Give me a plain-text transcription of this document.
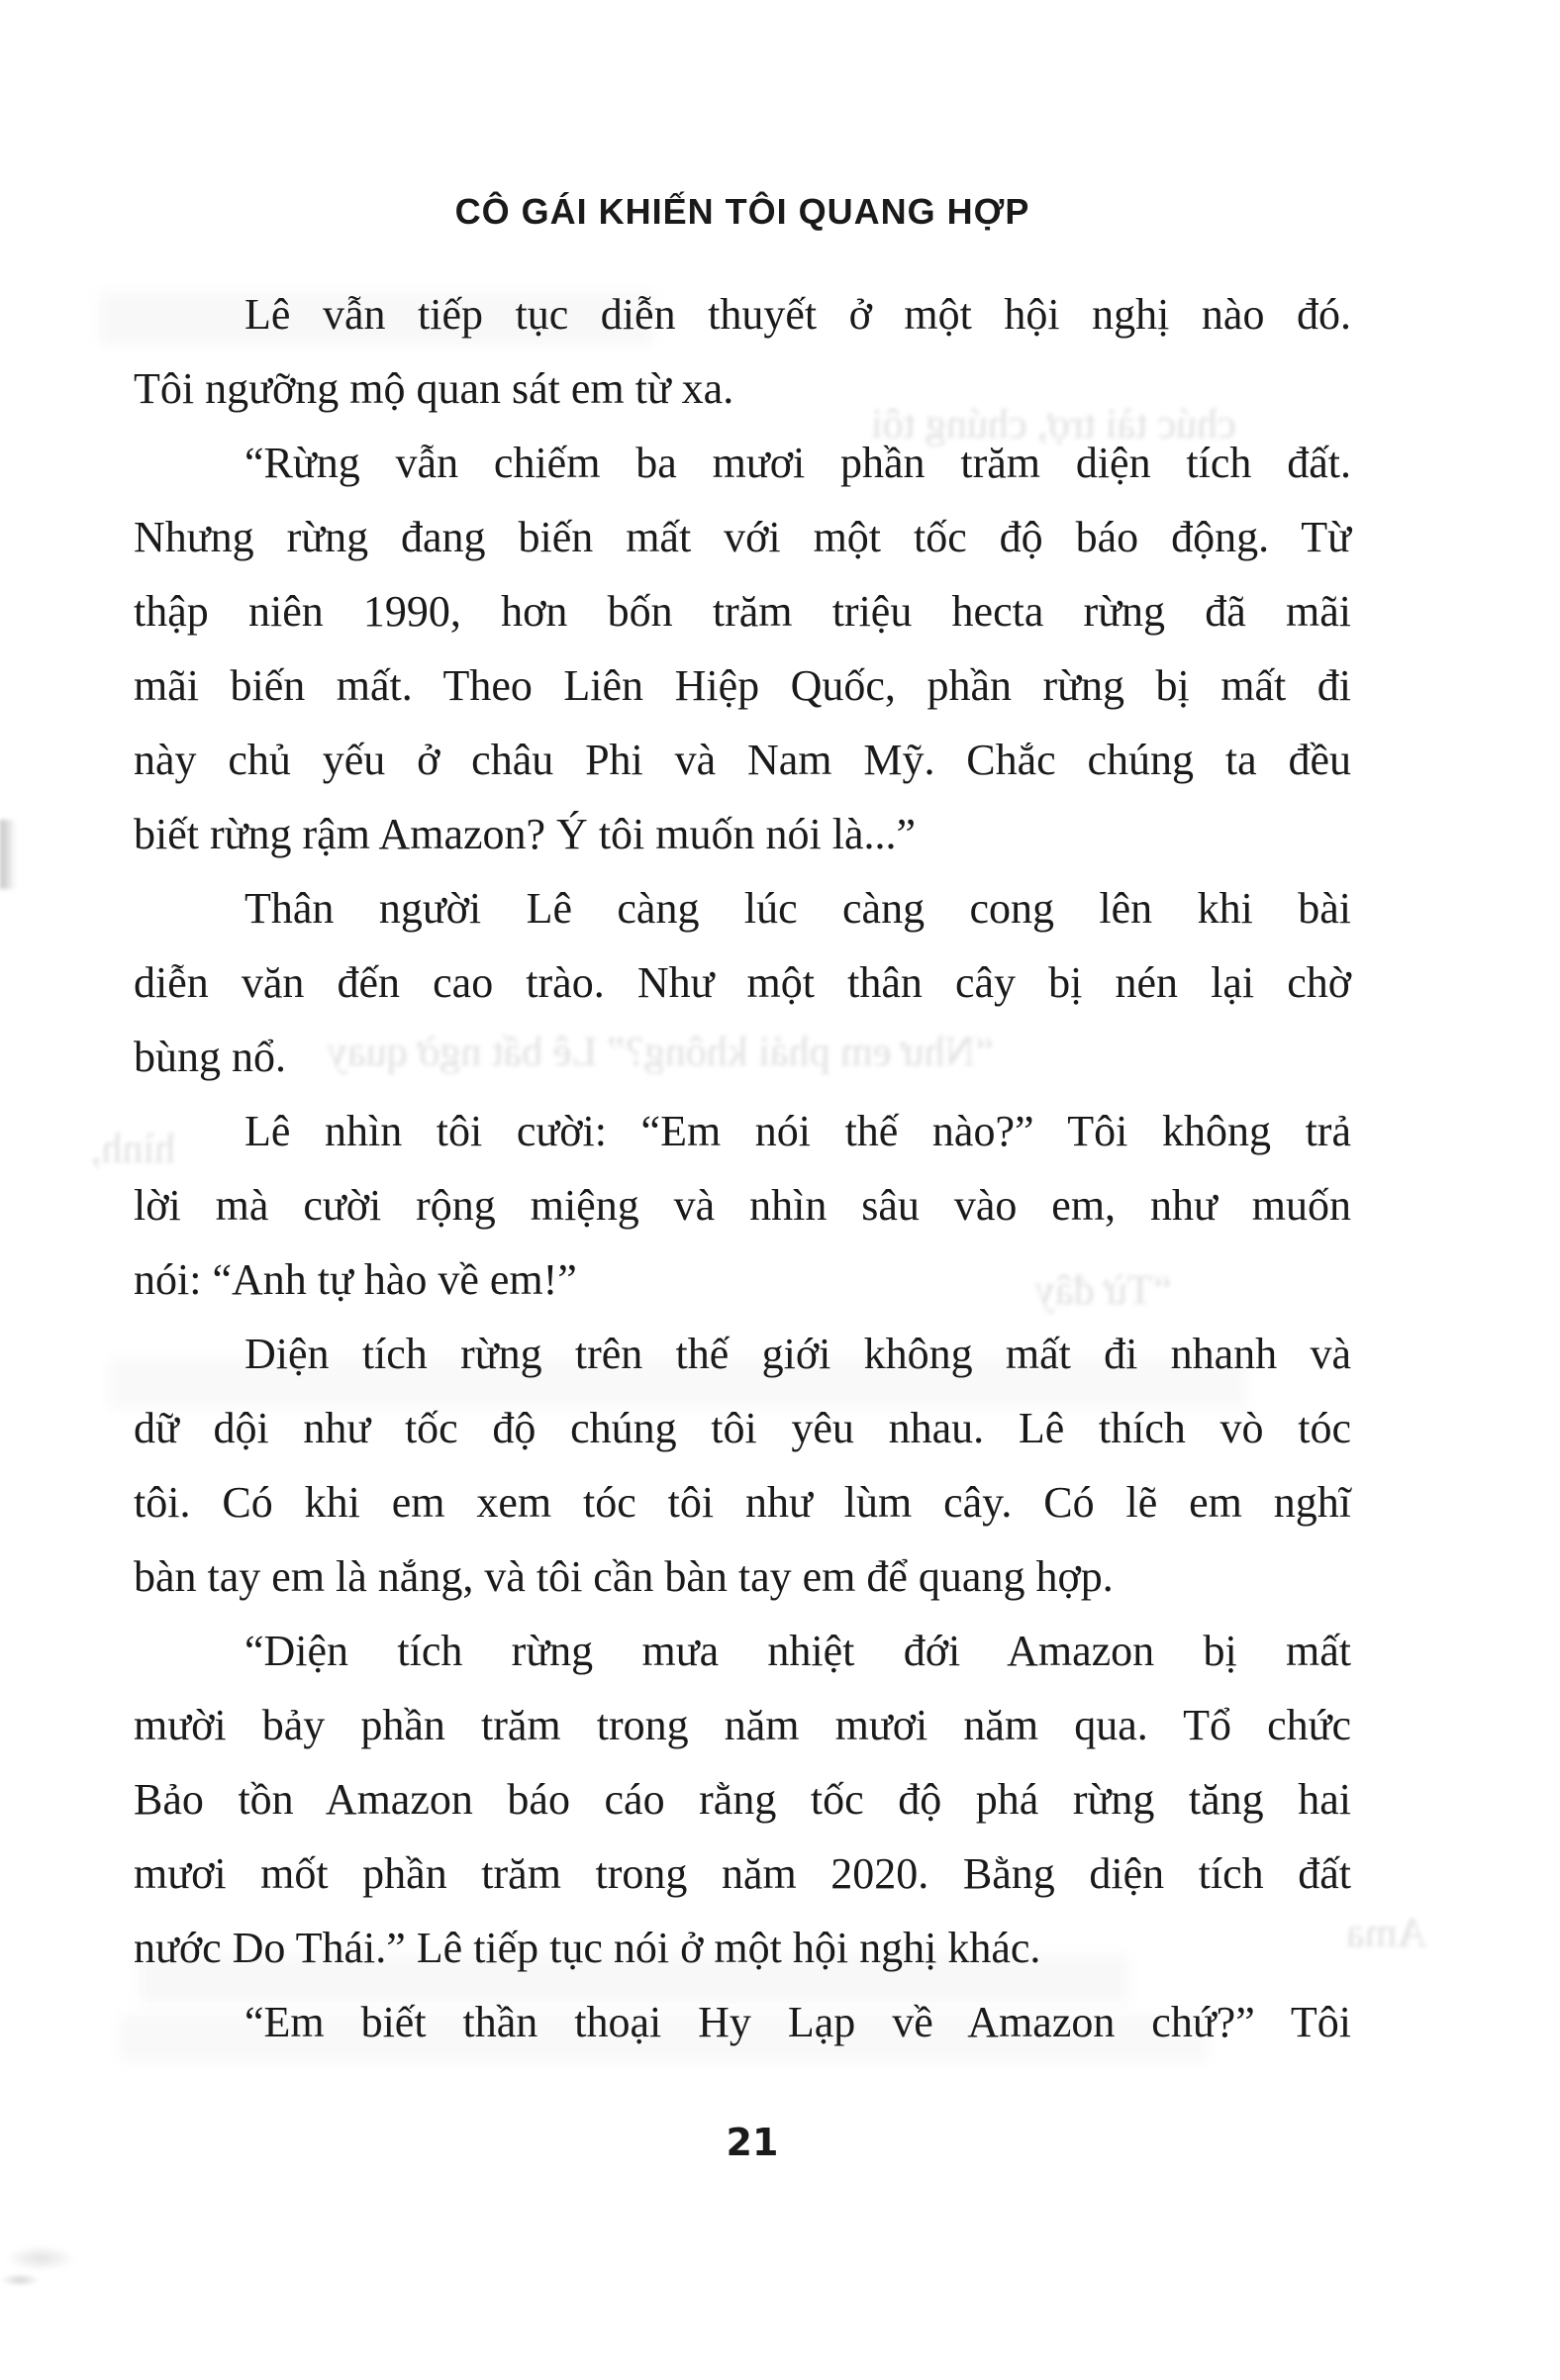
CÔ GÁI KHIẾN TÔI QUANG HỢP
Lê vẫn tiếp tục diễn thuyết ở một hội nghị nào đó.
Tôi ngưỡng mộ quan sát em từ xa.
“Rừng vẫn chiếm ba mươi phần trăm diện tích đất.
Nhưng rừng đang biến mất với một tốc độ báo động. Từ
thập niên 1990, hơn bốn trăm triệu hecta rừng đã mãi
mãi biến mất. Theo Liên Hiệp Quốc, phần rừng bị mất đi
này chủ yếu ở châu Phi và Nam Mỹ. Chắc chúng ta đều
biết rừng rậm Amazon? Ý tôi muốn nói là...”
Thân người Lê càng lúc càng cong lên khi bài
diễn văn đến cao trào. Như một thân cây bị nén lại chờ
bùng nổ.
Lê nhìn tôi cười: “Em nói thế nào?” Tôi không trả
lời mà cười rộng miệng và nhìn sâu vào em, như muốn
nói: “Anh tự hào về em!”
Diện tích rừng trên thế giới không mất đi nhanh và
dữ dội như tốc độ chúng tôi yêu nhau. Lê thích vò tóc
tôi. Có khi em xem tóc tôi như lùm cây. Có lẽ em nghĩ
bàn tay em là nắng, và tôi cần bàn tay em để quang hợp.
“Diện tích rừng mưa nhiệt đới Amazon bị mất
mười bảy phần trăm trong năm mươi năm qua. Tổ chức
Bảo tồn Amazon báo cáo rằng tốc độ phá rừng tăng hai
mươi mốt phần trăm trong năm 2020. Bằng diện tích đất
nước Do Thái.” Lê tiếp tục nói ở một hội nghị khác.
“Em biết thần thoại Hy Lạp về Amazon chứ?” Tôi
21
chúc tài trợ, chúng tôi
“Như em phải không?” Lê bất ngờ quay
hình,
“Từ đây
Ama
